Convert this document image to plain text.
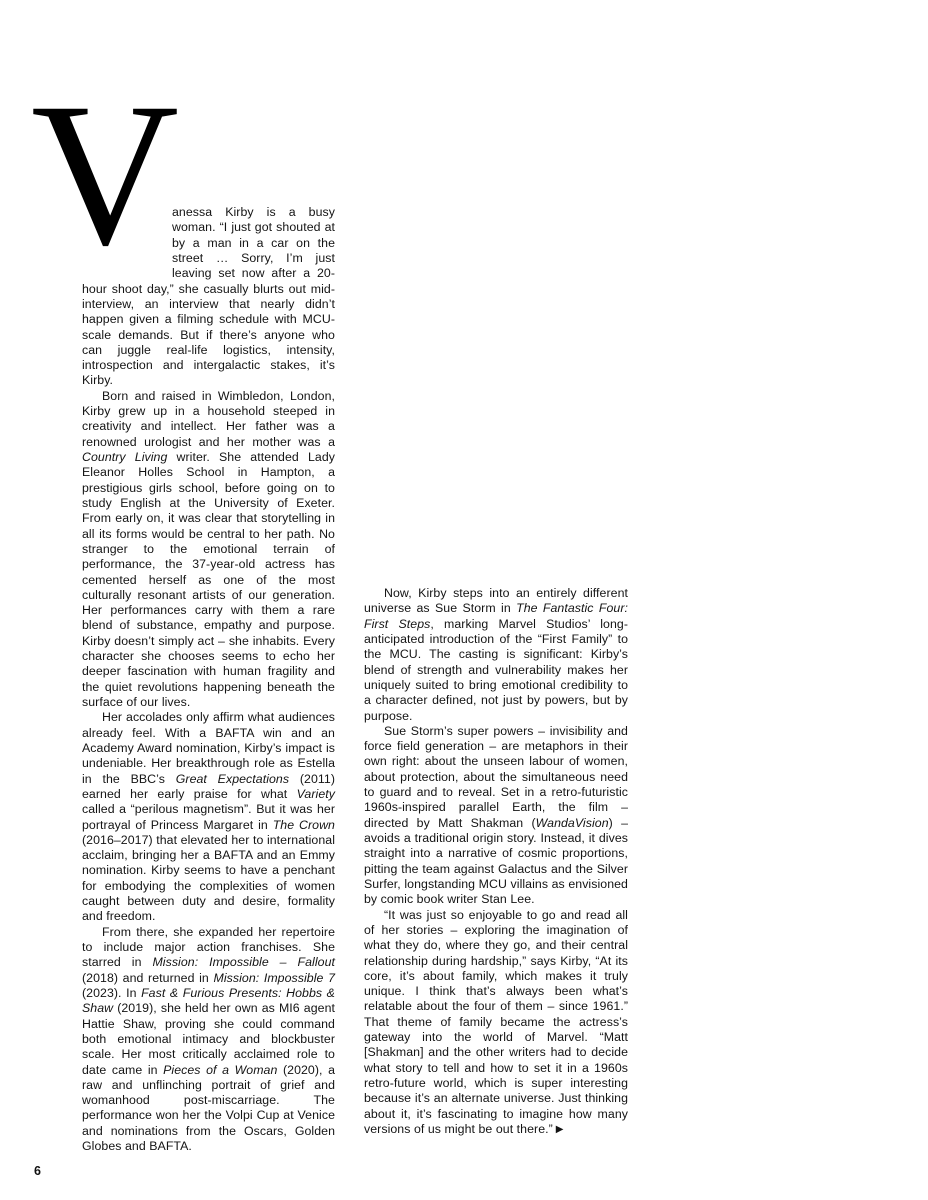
V

anessa Kirby is a busy woman. “I just got shouted at by a man in a car on the street … Sorry, I’m just leaving set now after a 20-hour shoot day,” she casually blurts out mid-interview, an interview that nearly didn’t happen given a filming schedule with MCU-scale demands. But if there’s anyone who can juggle real-life logistics, intensity, introspection and intergalactic stakes, it’s Kirby.

Born and raised in Wimbledon, London, Kirby grew up in a household steeped in creativity and intellect. Her father was a renowned urologist and her mother was a Country Living writer. She attended Lady Eleanor Holles School in Hampton, a prestigious girls school, before going on to study English at the University of Exeter. From early on, it was clear that storytelling in all its forms would be central to her path. No stranger to the emotional terrain of performance, the 37-year-old actress has cemented herself as one of the most culturally resonant artists of our generation. Her performances carry with them a rare blend of substance, empathy and purpose. Kirby doesn’t simply act – she inhabits. Every character she chooses seems to echo her deeper fascination with human fragility and the quiet revolutions happening beneath the surface of our lives.

Her accolades only affirm what audiences already feel. With a BAFTA win and an Academy Award nomination, Kirby’s impact is undeniable. Her breakthrough role as Estella in the BBC’s Great Expectations (2011) earned her early praise for what Variety called a “perilous magnetism”. But it was her portrayal of Princess Margaret in The Crown (2016–2017) that elevated her to international acclaim, bringing her a BAFTA and an Emmy nomination. Kirby seems to have a penchant for embodying the complexities of women caught between duty and desire, formality and freedom.

From there, she expanded her repertoire to include major action franchises. She starred in Mission: Impossible – Fallout (2018) and returned in Mission: Impossible 7 (2023). In Fast & Furious Presents: Hobbs & Shaw (2019), she held her own as MI6 agent Hattie Shaw, proving she could command both emotional intimacy and blockbuster scale. Her most critically acclaimed role to date came in Pieces of a Woman (2020), a raw and unflinching portrait of grief and womanhood post-miscarriage. The performance won her the Volpi Cup at Venice and nominations from the Oscars, Golden Globes and BAFTA.

Now, Kirby steps into an entirely different universe as Sue Storm in The Fantastic Four: First Steps, marking Marvel Studios’ long-anticipated introduction of the “First Family” to the MCU. The casting is significant: Kirby’s blend of strength and vulnerability makes her uniquely suited to bring emotional credibility to a character defined, not just by powers, but by purpose.

Sue Storm’s super powers – invisibility and force field generation – are metaphors in their own right: about the unseen labour of women, about protection, about the simultaneous need to guard and to reveal. Set in a retro-futuristic 1960s-inspired parallel Earth, the film – directed by Matt Shakman (WandaVision) – avoids a traditional origin story. Instead, it dives straight into a narrative of cosmic proportions, pitting the team against Galactus and the Silver Surfer, longstanding MCU villains as envisioned by comic book writer Stan Lee.

“It was just so enjoyable to go and read all of her stories – exploring the imagination of what they do, where they go, and their central relationship during hardship,” says Kirby, “At its core, it’s about family, which makes it truly unique. I think that’s always been what’s relatable about the four of them – since 1961.” That theme of family became the actress’s gateway into the world of Marvel. “Matt [Shakman] and the other writers had to decide what story to tell and how to set it in a 1960s retro-future world, which is super interesting because it’s an alternate universe. Just thinking about it, it’s fascinating to imagine how many versions of us might be out there.” ▶

6
